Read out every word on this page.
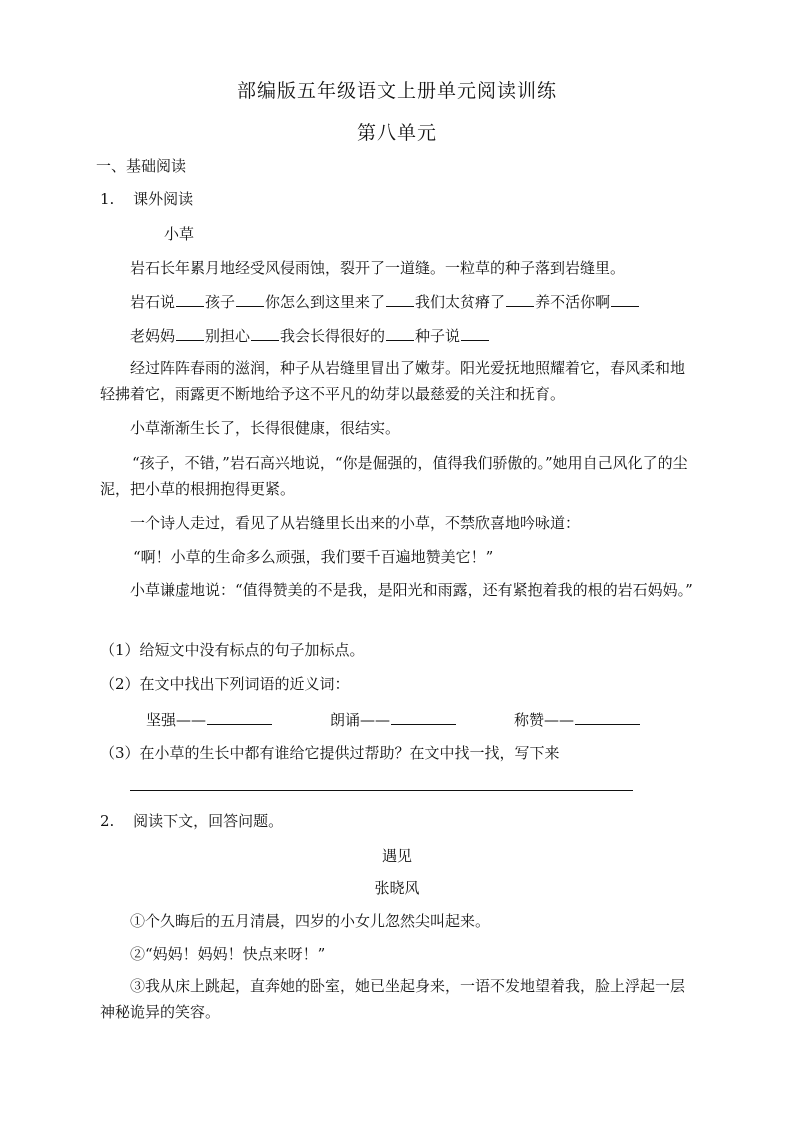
部编版五年级语文上册单元阅读训练
第八单元
一、基础阅读
1. 课外阅读
小草
岩石长年累月地经受风侵雨蚀，裂开了一道缝。一粒草的种子落到岩缝里。
岩石说 孩子 你怎么到这里来了 我们太贫瘠了 养不活你啊
老妈妈 别担心 我会长得很好的 种子说
经过阵阵春雨的滋润，种子从岩缝里冒出了嫩芽。阳光爱抚地照耀着它，春风柔和地轻拂着它，雨露更不断地给予这不平凡的幼芽以最慈爱的关注和抚育。
小草渐渐生长了，长得很健康，很结实。
“孩子，不错，”岩石高兴地说，“你是倔强的，值得我们骄傲的。”她用自己风化了的尘泥，把小草的根拥抱得更紧。
一个诗人走过，看见了从岩缝里长出来的小草，不禁欣喜地吟咏道：
“啊！小草的生命多么顽强，我们要千百遍地赞美它！”
小草谦虚地说：“值得赞美的不是我，是阳光和雨露，还有紧抱着我的根的岩石妈妈。”
（1）给短文中没有标点的句子加标点。
（2）在文中找出下列词语的近义词：
坚强——	朗诵——	称赞——
（3）在小草的生长中都有谁给它提供过帮助？在文中找一找，写下来
2. 阅读下文，回答问题。
遇见
张晓风
①个久晦后的五月清晨，四岁的小女儿忽然尖叫起来。
②“妈妈！妈妈！快点来呀！”
③我从床上跳起，直奔她的卧室，她已坐起身来，一语不发地望着我，脸上浮起一层神秘诡异的笑容。
